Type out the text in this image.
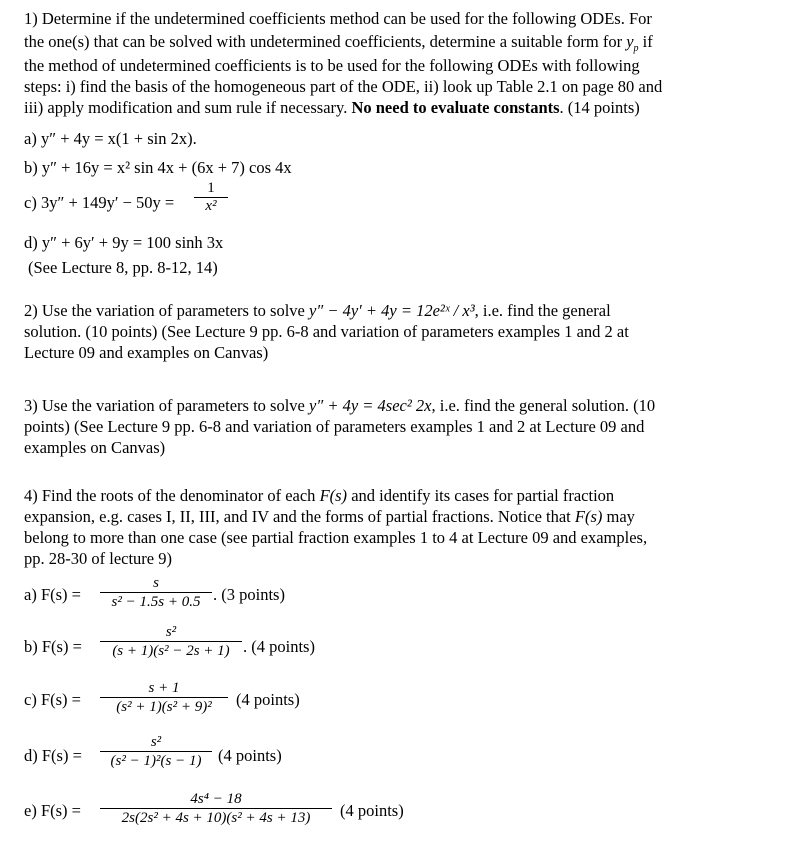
1) Determine if the undetermined coefficients method can be used for the following ODEs. For

the one(s) that can be solved with undetermined coefficients, determine a suitable form for $y_p$ if

the method of undetermined coefficients is to be used for the following ODEs with following

steps: i) find the basis of the homogeneous part of the ODE, ii) look up Table 2.1 on page 80 and

iii) apply modification and sum rule if necessary. No need to evaluate constants. (14 points)

a) y″ + 4y = x(1 + sin 2x).
b) y″ + 16y = x² sin 4x + (6x + 7) cos 4x
c) 3y″ + 149y′ − 50y =
1
x²
d) y″ + 6y′ + 9y = 100 sinh 3x
(See Lecture 8, pp. 8-12, 14)

2) Use the variation of parameters to solve y″ − 4y′ + 4y = 12e²ˣ / x³, i.e. find the general

solution. (10 points) (See Lecture 9 pp. 6-8 and variation of parameters examples 1 and 2 at

Lecture 09 and examples on Canvas)

3) Use the variation of parameters to solve y″ + 4y = 4sec² 2x, i.e. find the general solution. (10

points) (See Lecture 9 pp. 6-8 and variation of parameters examples 1 and 2 at Lecture 09 and

examples on Canvas)

4) Find the roots of the denominator of each F(s) and identify its cases for partial fraction

expansion, e.g. cases I, II, III, and IV and the forms of partial fractions. Notice that F(s) may

belong to more than one case (see partial fraction examples 1 to 4 at Lecture 09 and examples,

pp. 28-30 of lecture 9)

a) F(s) =
s
s² − 1.5s + 0.5 . (3 points)
b) F(s) =
s²
(s + 1)(s² − 2s + 1) . (4 points)
c) F(s) =
s + 1
(s² + 1)(s² + 9)²	(4 points)
d) F(s) =
s²
(s² − 1)²(s − 1)	(4 points)
e) F(s) =
4s⁴ − 18
2s(2s² + 4s + 10)(s² + 4s + 13)	(4 points)
